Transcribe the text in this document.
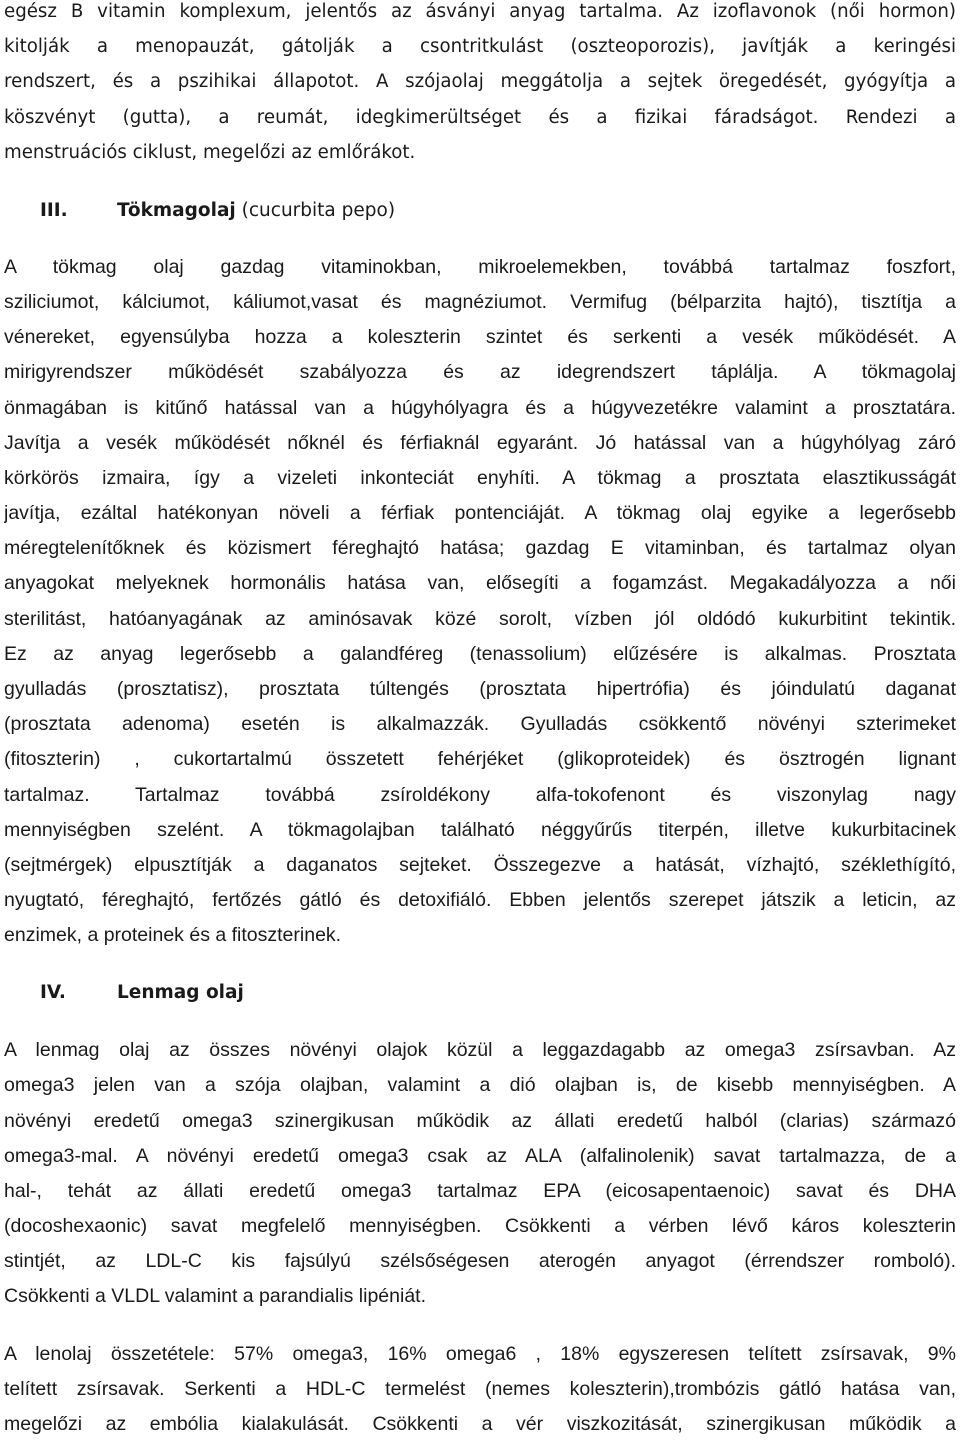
egész B vitamin komplexum, jelentős az ásványi anyag tartalma. Az izoflavonok (női hormon)
kitolják a menopauzát, gátolják a csontritkulást (oszteoporozis), javítják a keringési
rendszert, és a pszihikai állapotot. A szójaolaj meggátolja a sejtek öregedését, gyógyítja a
köszvényt (gutta), a reumát, idegkimerültséget és a fizikai fáradságot. Rendezi a
menstruációs ciklust, megelőzi az emlőrákot.
III.	Tökmagolaj (cucurbita pepo)
A tökmag olaj gazdag vitaminokban, mikroelemekben, továbbá tartalmaz foszfort,
sziliciumot, kálciumot, káliumot,vasat és magnéziumot. Vermifug (bélparzita hajtó), tisztítja a
vénereket, egyensúlyba hozza a koleszterin szintet és serkenti a vesék működését. A
mirigyrendszer működését szabályozza és az idegrendszert táplálja. A tökmagolaj
önmagában is kitűnő hatással van a húgyhólyagra és a húgyvezetékre valamint a prosztatára.
Javítja a vesék működését nőknél és férfiaknál egyaránt. Jó hatással van a húgyhólyag záró
körkörös izmaira, így a vizeleti inkonteciát enyhíti. A tökmag a prosztata elasztikusságát
javítja, ezáltal hatékonyan növeli a férfiak pontenciáját. A tökmag olaj egyike a legerősebb
méregtelenítőknek és közismert féreghajtó hatása; gazdag E vitaminban, és tartalmaz olyan
anyagokat melyeknek hormonális hatása van, elősegíti a fogamzást. Megakadályozza a női
sterilitást, hatóanyagának az aminósavak közé sorolt, vízben jól oldódó kukurbitint tekintik.
Ez az anyag legerősebb a galandféreg (tenassolium) elűzésére is alkalmas. Prosztata
gyulladás (prosztatisz), prosztata túltengés (prosztata hipertrófia) és jóindulatú daganat
(prosztata adenoma) esetén is alkalmazzák. Gyulladás csökkentő növényi szterimeket
(fitoszterin) , cukortartalmú összetett fehérjéket (glikoproteidek) és ösztrogén lignant
tartalmaz. Tartalmaz továbbá zsíroldékony alfa-tokofenont és viszonylag nagy
mennyiségben szelént. A tökmagolajban található néggyűrűs titerpén, illetve kukurbitacinek
(sejtmérgek) elpusztítják a daganatos sejteket. Összegezve a hatását, vízhajtó, széklethígító,
nyugtató, féreghajtó, fertőzés gátló és detoxifiáló. Ebben jelentős szerepet játszik a leticin, az
enzimek, a proteinek és a fitoszterinek.
IV.	Lenmag olaj
A lenmag olaj az összes növényi olajok közül a leggazdagabb az omega3 zsírsavban. Az
omega3 jelen van a szója olajban, valamint a dió olajban is, de kisebb mennyiségben. A
növényi eredetű omega3 szinergikusan működik az állati eredetű halból (clarias) származó
omega3-mal. A növényi eredetű omega3 csak az ALA (alfalinolenik) savat tartalmazza, de a
hal-, tehát az állati eredetű omega3 tartalmaz EPA (eicosapentaenoic) savat és DHA
(docoshexaonic) savat megfelelő mennyiségben. Csökkenti a vérben lévő káros koleszterin
stintjét, az LDL-C kis fajsúlyú szélsőségesen aterogén anyagot (érrendszer romboló).
Csökkenti a VLDL valamint a parandialis lipéniát.
A lenolaj összetétele: 57% omega3, 16% omega6 , 18% egyszeresen telített zsírsavak, 9%
telített zsírsavak. Serkenti a HDL-C termelést (nemes koleszterin),trombózis gátló hatása van,
megelőzi az embólia kialakulását. Csökkenti a vér viszkozitását, szinergikusan működik a
